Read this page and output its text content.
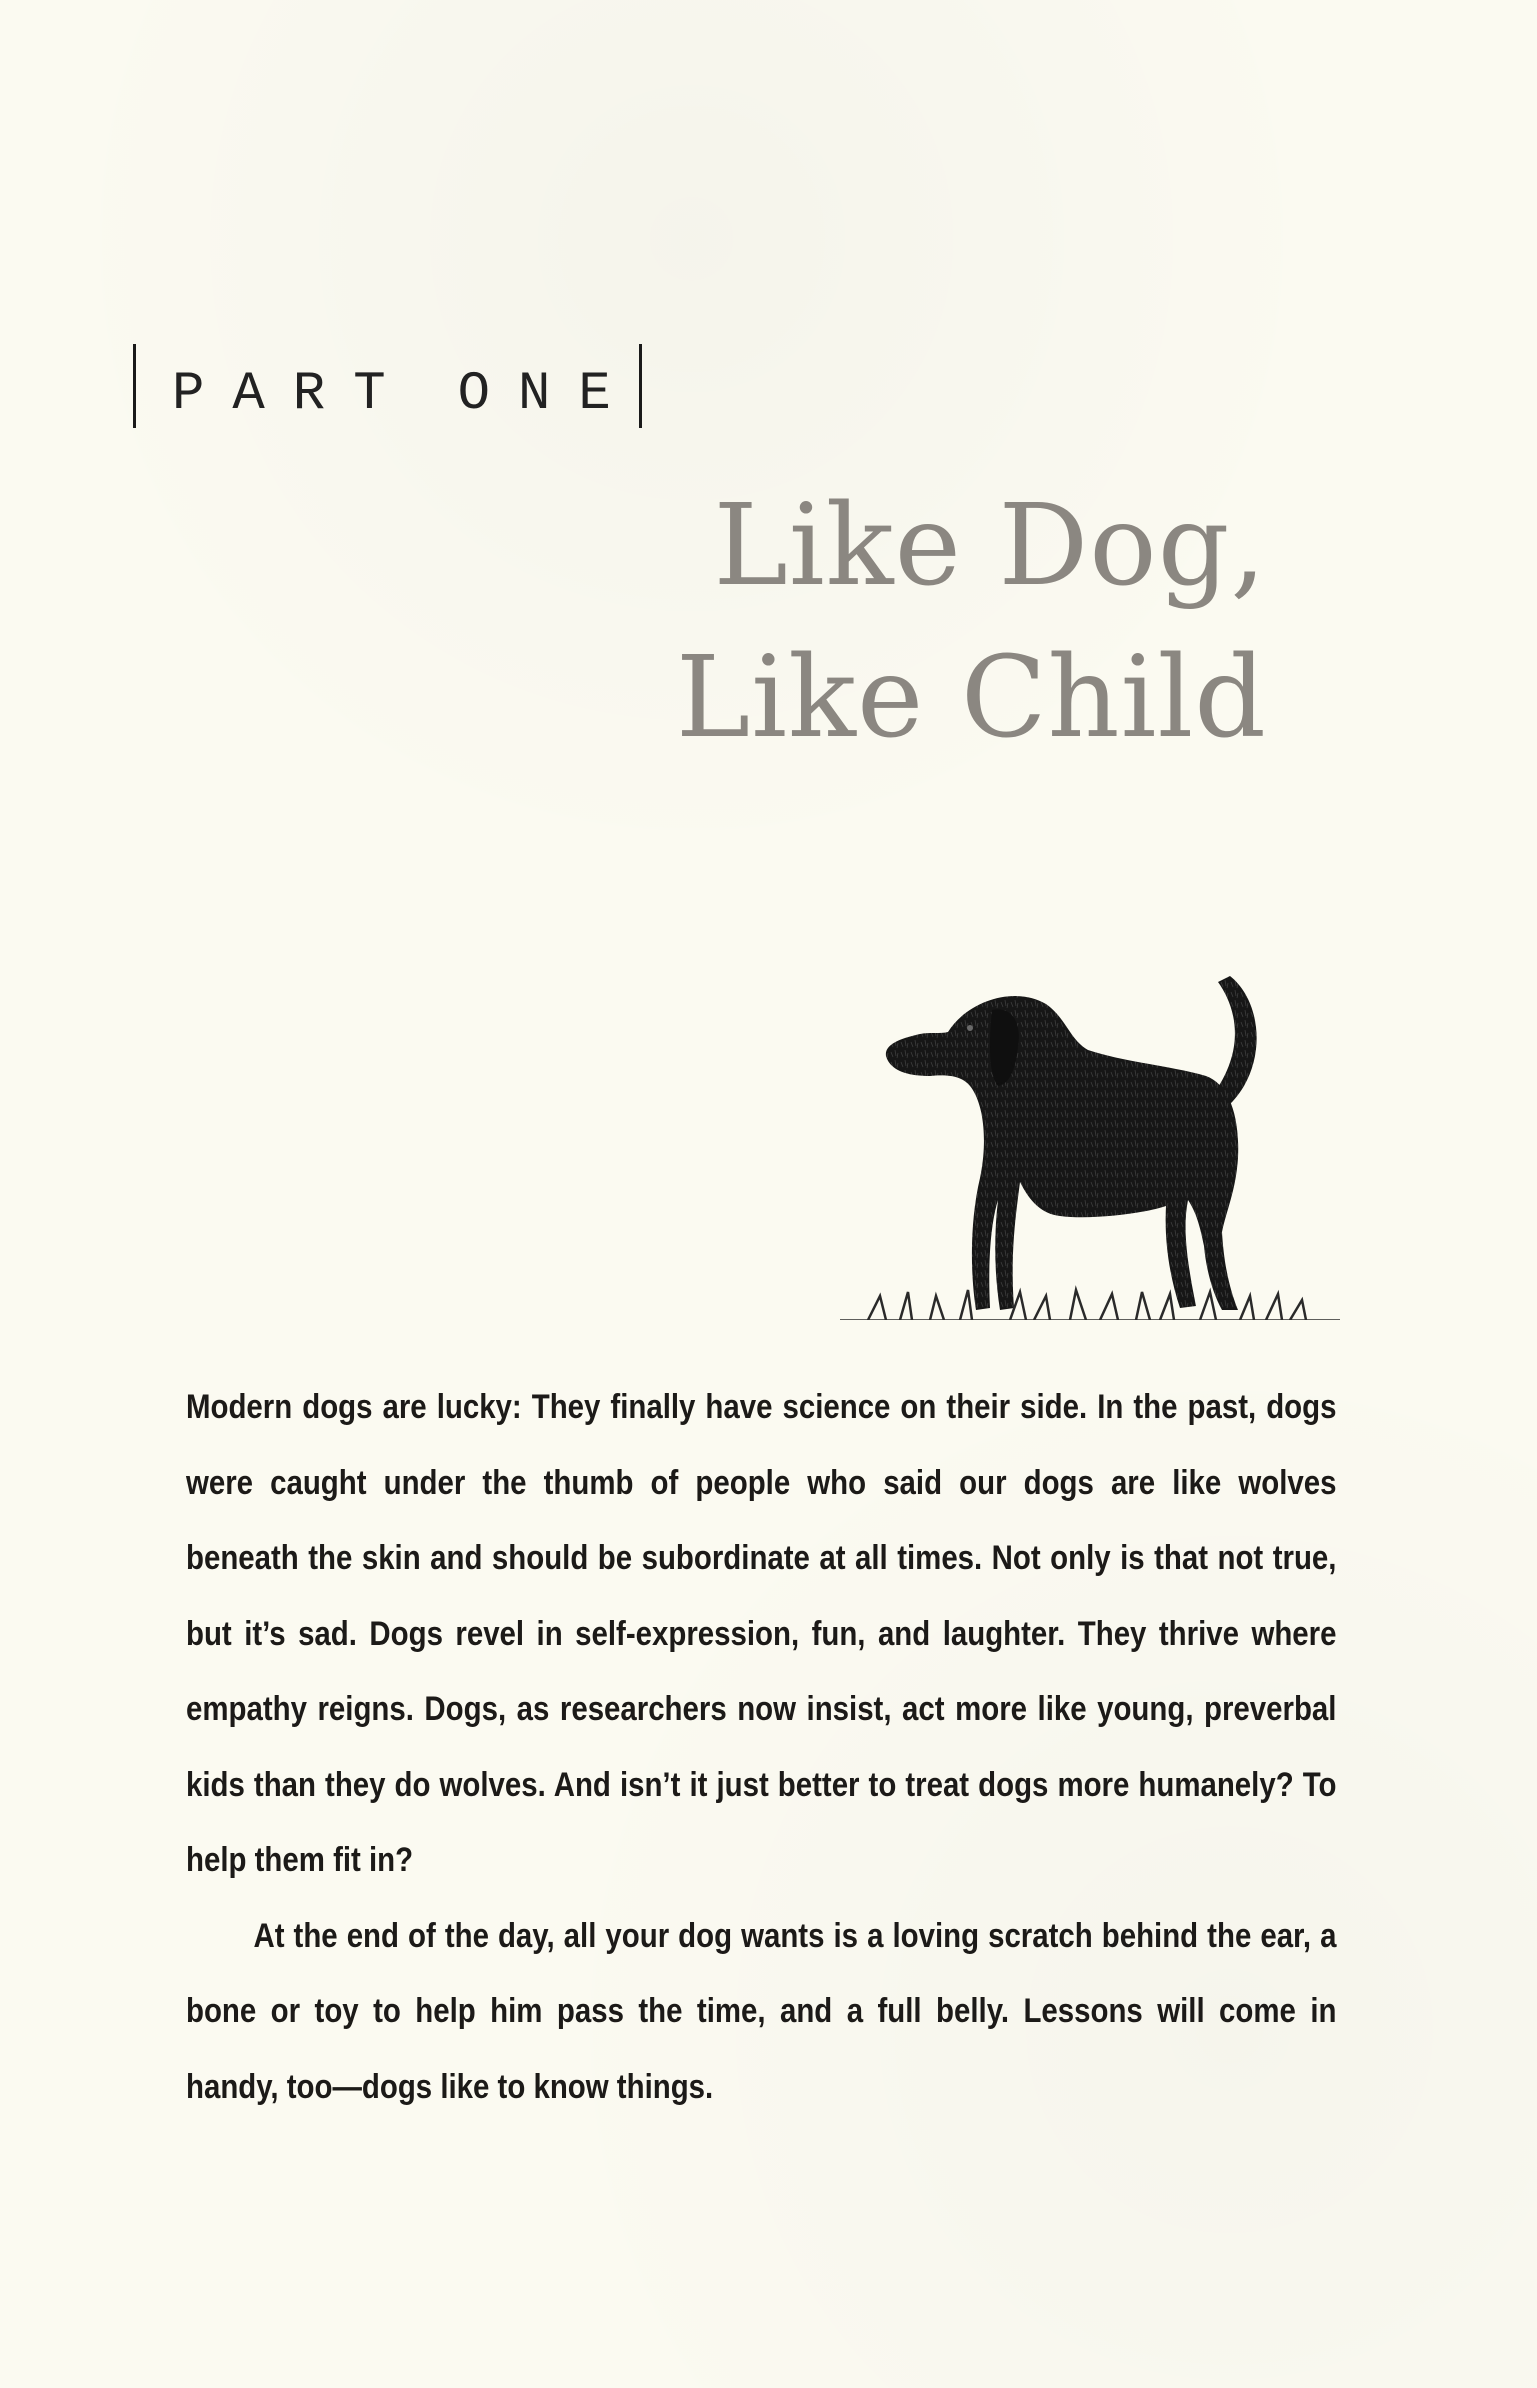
PART ONE
Like Dog,
Like Child

Modern dogs are lucky: They finally have science on their side. In the past, dogs were caught under the thumb of people who said our dogs are like wolves beneath the skin and should be subordinate at all times. Not only is that not true, but it’s sad. Dogs revel in self-expression, fun, and laughter. They thrive where empathy reigns. Dogs, as researchers now insist, act more like young, preverbal kids than they do wolves. And isn’t it just better to treat dogs more humanely? To help them fit in?

At the end of the day, all your dog wants is a loving scratch behind the ear, a bone or toy to help him pass the time, and a full belly. Lessons will come in handy, too—dogs like to know things.
